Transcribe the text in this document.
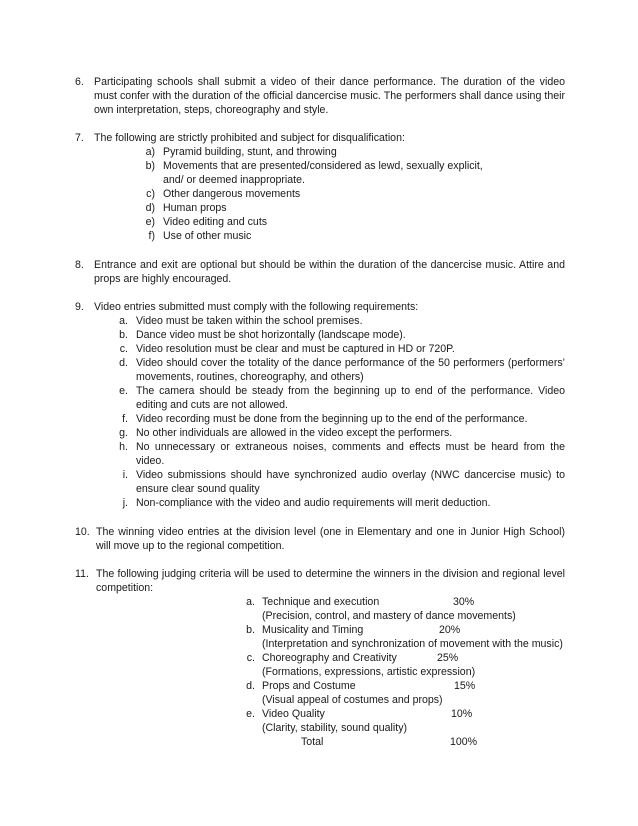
6. Participating schools shall submit a video of their dance performance. The duration of the video must confer with the duration of the official dancercise music. The performers shall dance using their own interpretation, steps, choreography and style.
7. The following are strictly prohibited and subject for disqualification:
a) Pyramid building, stunt, and throwing
b) Movements that are presented/considered as lewd, sexually explicit,
and/ or deemed inappropriate.
c) Other dangerous movements
d) Human props
e) Video editing and cuts
f) Use of other music
8. Entrance and exit are optional but should be within the duration of the dancercise music. Attire and props are highly encouraged.
9. Video entries submitted must comply with the following requirements:
a. Video must be taken within the school premises.
b. Dance video must be shot horizontally (landscape mode).
c. Video resolution must be clear and must be captured in HD or 720P.
d. Video should cover the totality of the dance performance of the 50 performers (performers’ movements, routines, choreography, and others)
e. The camera should be steady from the beginning up to end of the performance. Video editing and cuts are not allowed.
f. Video recording must be done from the beginning up to the end of the performance.
g. No other individuals are allowed in the video except the performers.
h. No unnecessary or extraneous noises, comments and effects must be heard from the video.
i. Video submissions should have synchronized audio overlay (NWC dancercise music) to ensure clear sound quality
j. Non-compliance with the video and audio requirements will merit deduction.
10. The winning video entries at the division level (one in Elementary and one in Junior High School) will move up to the regional competition.
11. The following judging criteria will be used to determine the winners in the division and regional level competition:
a. Technique and execution	30%
(Precision, control, and mastery of dance movements)
b. Musicality and Timing	20%
(Interpretation and synchronization of movement with the music)
c. Choreography and Creativity	25%
(Formations, expressions, artistic expression)
d. Props and Costume	15%
(Visual appeal of costumes and props)
e. Video Quality	10%
(Clarity, stability, sound quality)
Total	100%
